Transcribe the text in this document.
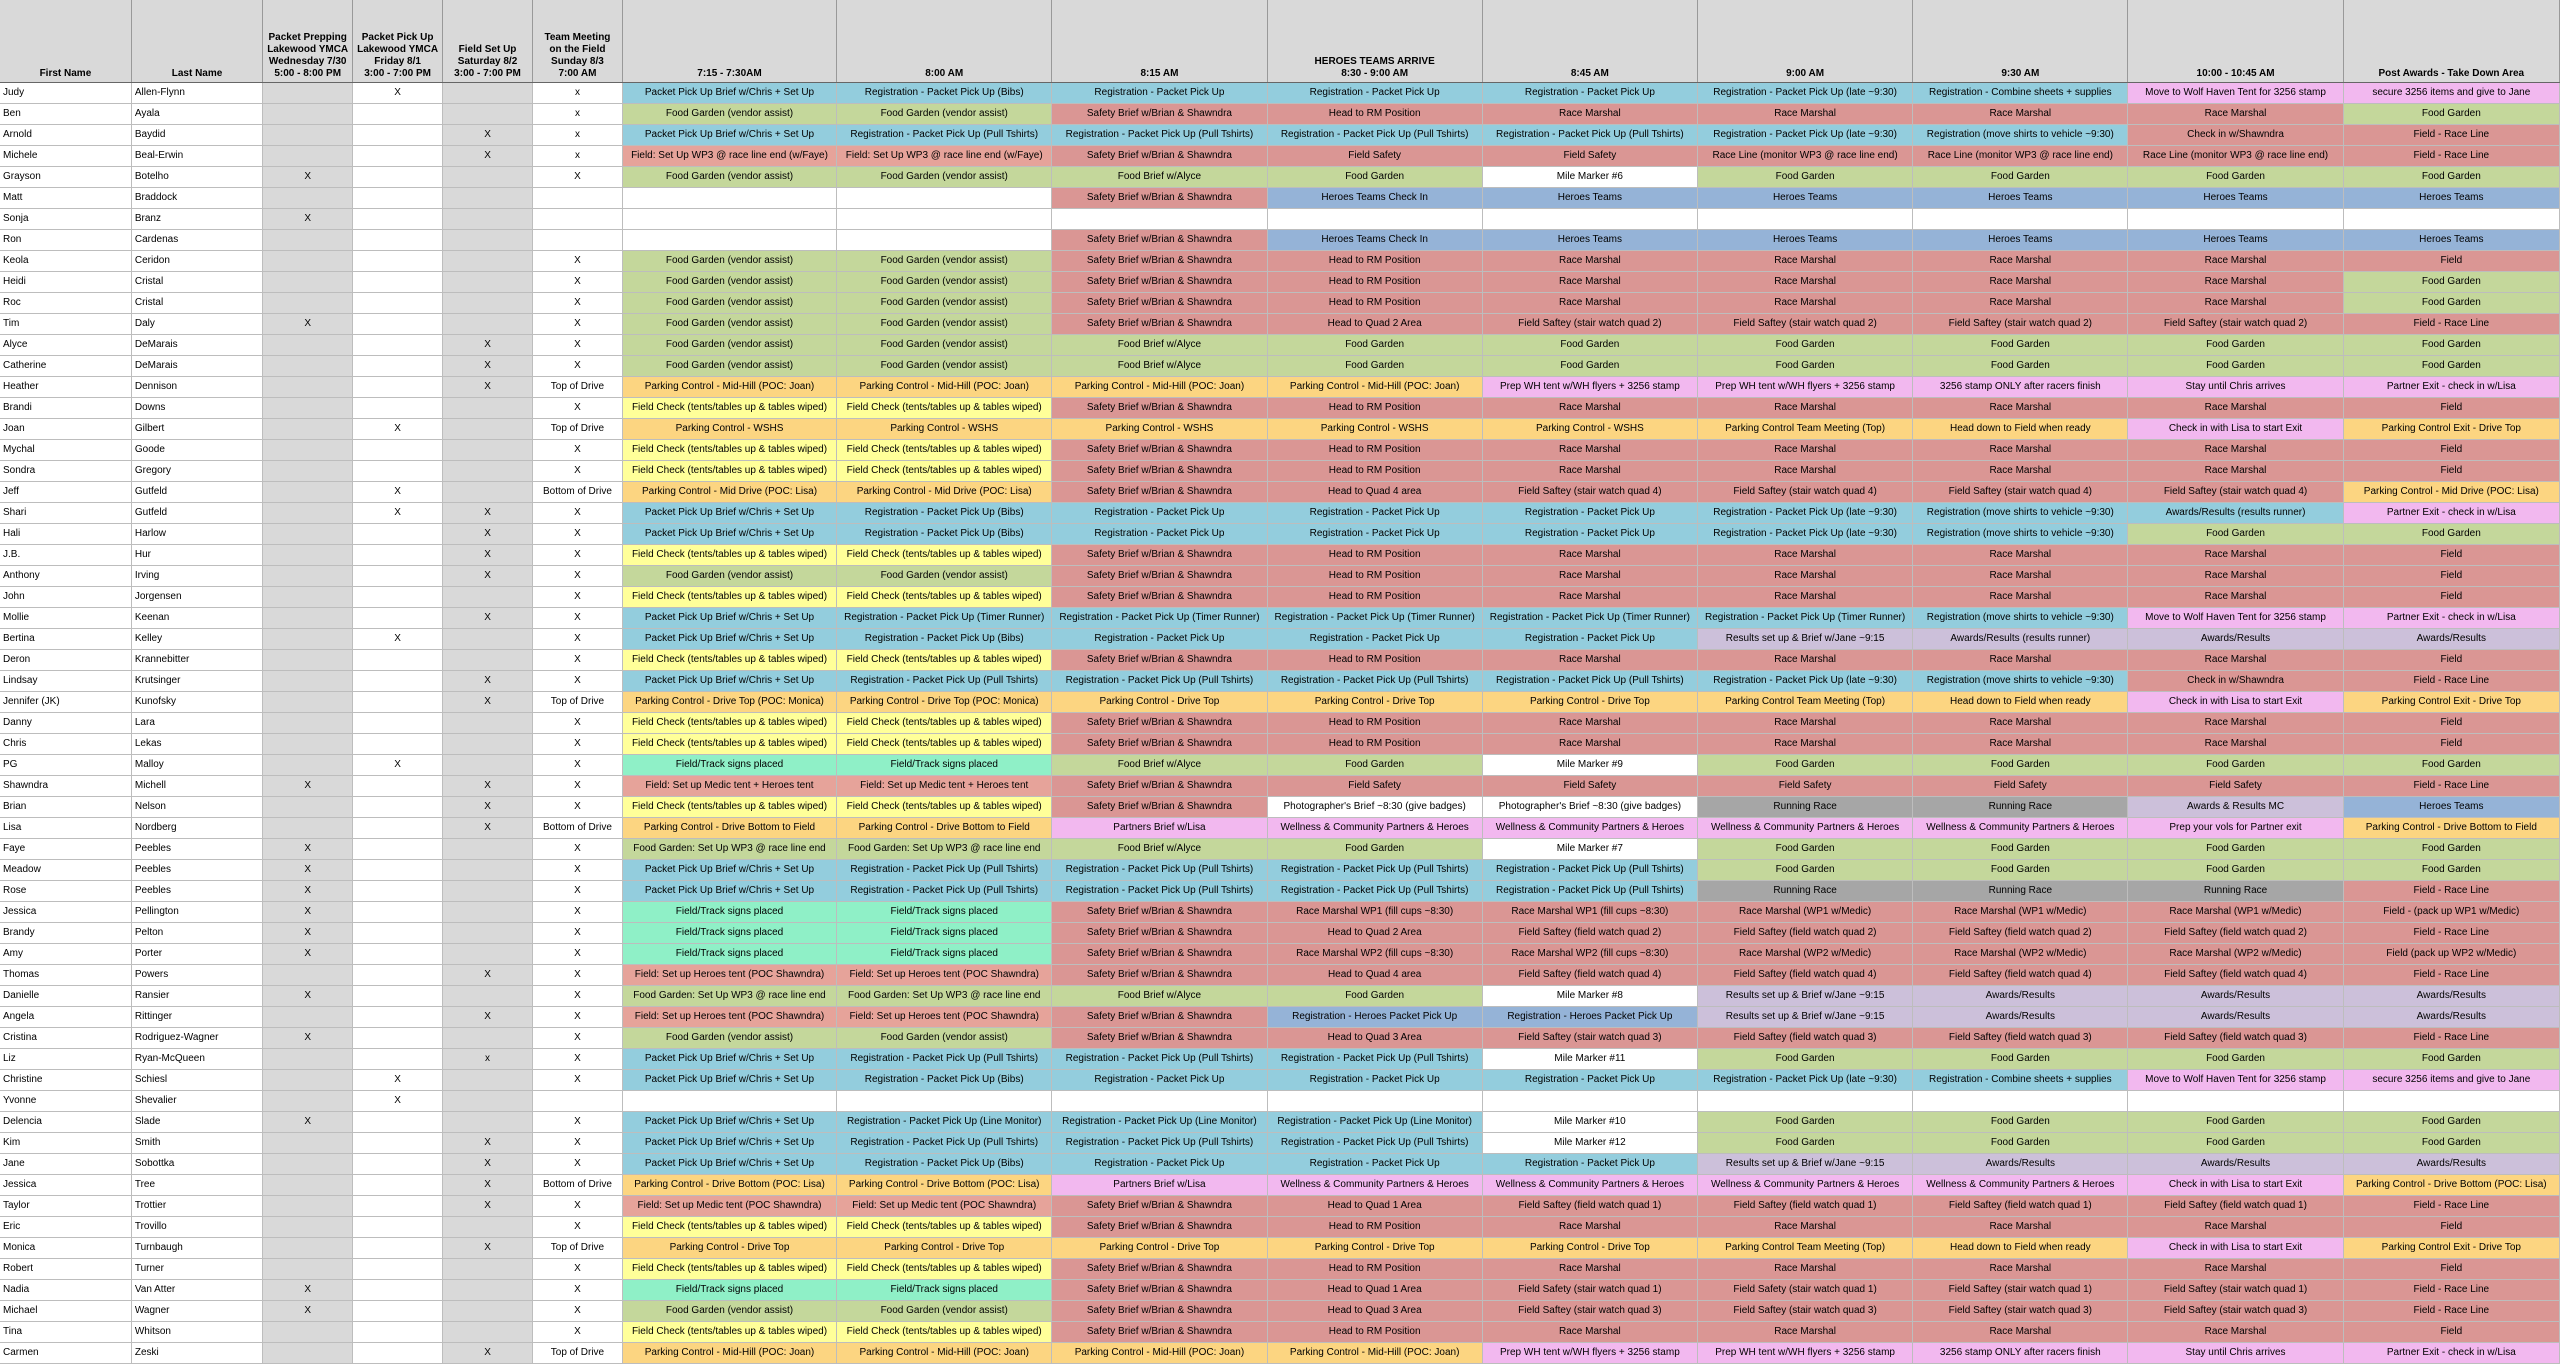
First Name	Last Name	Packet Prepping
Lakewood YMCA
Wednesday 7/30
5:00 - 8:00 PM	Packet Pick Up
Lakewood YMCA
Friday 8/1
3:00 - 7:00 PM	Field Set Up
Saturday 8/2
3:00 - 7:00 PM	Team Meeting
on the Field
Sunday 8/3
7:00 AM	7:15 - 7:30AM	8:00 AM	8:15 AM	HEROES TEAMS ARRIVE
8:30 - 9:00 AM	8:45 AM	9:00 AM	9:30 AM	10:00 - 10:45 AM	Post Awards - Take Down Area

Judy	Allen-Flynn		X		x	Packet Pick Up Brief w/Chris + Set Up	Registration - Packet Pick Up (Bibs)	Registration - Packet Pick Up	Registration - Packet Pick Up	Registration - Packet Pick Up	Registration - Packet Pick Up (late ~9:30)	Registration - Combine sheets + supplies	Move to Wolf Haven Tent for 3256 stamp	secure 3256 items and give to Jane
Ben	Ayala				x	Food Garden (vendor assist)	Food Garden (vendor assist)	Safety Brief w/Brian & Shawndra	Head to RM Position	Race Marshal	Race Marshal	Race Marshal	Race Marshal	Food Garden
Arnold	Baydid			X	x	Packet Pick Up Brief w/Chris + Set Up	Registration - Packet Pick Up (Pull Tshirts)	Registration - Packet Pick Up (Pull Tshirts)	Registration - Packet Pick Up (Pull Tshirts)	Registration - Packet Pick Up (Pull Tshirts)	Registration - Packet Pick Up (late ~9:30)	Registration (move shirts to vehicle ~9:30)	Check in w/Shawndra	Field - Race Line
Michele	Beal-Erwin			X	x	Field: Set Up WP3 @ race line end (w/Faye)	Field: Set Up WP3 @ race line end (w/Faye)	Safety Brief w/Brian & Shawndra	Field Safety	Field Safety	Race Line (monitor WP3 @ race line end)	Race Line (monitor WP3 @ race line end)	Race Line (monitor WP3 @ race line end)	Field - Race Line
Grayson	Botelho	X			X	Food Garden (vendor assist)	Food Garden (vendor assist)	Food Brief w/Alyce	Food Garden	Mile Marker #6	Food Garden	Food Garden	Food Garden	Food Garden
Matt	Braddock							Safety Brief w/Brian & Shawndra	Heroes Teams Check In	Heroes Teams	Heroes Teams	Heroes Teams	Heroes Teams	Heroes Teams
Sonja	Branz	X												
Ron	Cardenas							Safety Brief w/Brian & Shawndra	Heroes Teams Check In	Heroes Teams	Heroes Teams	Heroes Teams	Heroes Teams	Heroes Teams
Keola	Ceridon				X	Food Garden (vendor assist)	Food Garden (vendor assist)	Safety Brief w/Brian & Shawndra	Head to RM Position	Race Marshal	Race Marshal	Race Marshal	Race Marshal	Field
Heidi	Cristal				X	Food Garden (vendor assist)	Food Garden (vendor assist)	Safety Brief w/Brian & Shawndra	Head to RM Position	Race Marshal	Race Marshal	Race Marshal	Race Marshal	Food Garden
Roc	Cristal				X	Food Garden (vendor assist)	Food Garden (vendor assist)	Safety Brief w/Brian & Shawndra	Head to RM Position	Race Marshal	Race Marshal	Race Marshal	Race Marshal	Food Garden
Tim	Daly	X			X	Food Garden (vendor assist)	Food Garden (vendor assist)	Safety Brief w/Brian & Shawndra	Head to Quad 2 Area	Field Saftey (stair watch quad 2)	Field Saftey (stair watch quad 2)	Field Saftey (stair watch quad 2)	Field Saftey (stair watch quad 2)	Field - Race Line
Alyce	DeMarais			X	X	Food Garden (vendor assist)	Food Garden (vendor assist)	Food Brief w/Alyce	Food Garden	Food Garden	Food Garden	Food Garden	Food Garden	Food Garden
Catherine	DeMarais			X	X	Food Garden (vendor assist)	Food Garden (vendor assist)	Food Brief w/Alyce	Food Garden	Food Garden	Food Garden	Food Garden	Food Garden	Food Garden
Heather	Dennison			X	Top of Drive	Parking Control - Mid-Hill (POC: Joan)	Parking Control - Mid-Hill (POC: Joan)	Parking Control - Mid-Hill (POC: Joan)	Parking Control - Mid-Hill (POC: Joan)	Prep WH tent w/WH flyers + 3256 stamp	Prep WH tent w/WH flyers + 3256 stamp	3256 stamp ONLY after racers finish	Stay until Chris arrives	Partner Exit - check in w/Lisa
Brandi	Downs				X	Field Check (tents/tables up & tables wiped)	Field Check (tents/tables up & tables wiped)	Safety Brief w/Brian & Shawndra	Head to RM Position	Race Marshal	Race Marshal	Race Marshal	Race Marshal	Field
Joan	Gilbert		X		Top of Drive	Parking Control - WSHS	Parking Control - WSHS	Parking Control - WSHS	Parking Control - WSHS	Parking Control - WSHS	Parking Control Team Meeting (Top)	Head down to Field when ready	Check in with Lisa to start Exit	Parking Control Exit - Drive Top
Mychal	Goode				X	Field Check (tents/tables up & tables wiped)	Field Check (tents/tables up & tables wiped)	Safety Brief w/Brian & Shawndra	Head to RM Position	Race Marshal	Race Marshal	Race Marshal	Race Marshal	Field
Sondra	Gregory				X	Field Check (tents/tables up & tables wiped)	Field Check (tents/tables up & tables wiped)	Safety Brief w/Brian & Shawndra	Head to RM Position	Race Marshal	Race Marshal	Race Marshal	Race Marshal	Field
Jeff	Gutfeld		X		Bottom of Drive	Parking Control - Mid Drive (POC: Lisa)	Parking Control - Mid Drive (POC: Lisa)	Safety Brief w/Brian & Shawndra	Head to Quad 4 area	Field Saftey (stair watch quad 4)	Field Saftey (stair watch quad 4)	Field Saftey (stair watch quad 4)	Field Saftey (stair watch quad 4)	Parking Control - Mid Drive (POC: Lisa)
Shari	Gutfeld		X	X	X	Packet Pick Up Brief w/Chris + Set Up	Registration - Packet Pick Up (Bibs)	Registration - Packet Pick Up	Registration - Packet Pick Up	Registration - Packet Pick Up	Registration - Packet Pick Up (late ~9:30)	Registration (move shirts to vehicle ~9:30)	Awards/Results (results runner)	Partner Exit - check in w/Lisa
Hali	Harlow			X	X	Packet Pick Up Brief w/Chris + Set Up	Registration - Packet Pick Up (Bibs)	Registration - Packet Pick Up	Registration - Packet Pick Up	Registration - Packet Pick Up	Registration - Packet Pick Up (late ~9:30)	Registration (move shirts to vehicle ~9:30)	Food Garden	Food Garden
J.B.	Hur			X	X	Field Check (tents/tables up & tables wiped)	Field Check (tents/tables up & tables wiped)	Safety Brief w/Brian & Shawndra	Head to RM Position	Race Marshal	Race Marshal	Race Marshal	Race Marshal	Field
Anthony	Irving			X	X	Food Garden (vendor assist)	Food Garden (vendor assist)	Safety Brief w/Brian & Shawndra	Head to RM Position	Race Marshal	Race Marshal	Race Marshal	Race Marshal	Field
John	Jorgensen				X	Field Check (tents/tables up & tables wiped)	Field Check (tents/tables up & tables wiped)	Safety Brief w/Brian & Shawndra	Head to RM Position	Race Marshal	Race Marshal	Race Marshal	Race Marshal	Field
Mollie	Keenan			X	X	Packet Pick Up Brief w/Chris + Set Up	Registration - Packet Pick Up (Timer Runner)	Registration - Packet Pick Up (Timer Runner)	Registration - Packet Pick Up (Timer Runner)	Registration - Packet Pick Up (Timer Runner)	Registration - Packet Pick Up (Timer Runner)	Registration (move shirts to vehicle ~9:30)	Move to Wolf Haven Tent for 3256 stamp	Partner Exit - check in w/Lisa
Bertina	Kelley		X		X	Packet Pick Up Brief w/Chris + Set Up	Registration - Packet Pick Up (Bibs)	Registration - Packet Pick Up	Registration - Packet Pick Up	Registration - Packet Pick Up	Results set up & Brief w/Jane ~9:15	Awards/Results (results runner)	Awards/Results	Awards/Results
Deron	Krannebitter				X	Field Check (tents/tables up & tables wiped)	Field Check (tents/tables up & tables wiped)	Safety Brief w/Brian & Shawndra	Head to RM Position	Race Marshal	Race Marshal	Race Marshal	Race Marshal	Field
Lindsay	Krutsinger			X	X	Packet Pick Up Brief w/Chris + Set Up	Registration - Packet Pick Up (Pull Tshirts)	Registration - Packet Pick Up (Pull Tshirts)	Registration - Packet Pick Up (Pull Tshirts)	Registration - Packet Pick Up (Pull Tshirts)	Registration - Packet Pick Up (late ~9:30)	Registration (move shirts to vehicle ~9:30)	Check in w/Shawndra	Field - Race Line
Jennifer (JK)	Kunofsky			X	Top of Drive	Parking Control - Drive Top (POC: Monica)	Parking Control - Drive Top (POC: Monica)	Parking Control - Drive Top	Parking Control - Drive Top	Parking Control - Drive Top	Parking Control Team Meeting (Top)	Head down to Field when ready	Check in with Lisa to start Exit	Parking Control Exit - Drive Top
Danny	Lara				X	Field Check (tents/tables up & tables wiped)	Field Check (tents/tables up & tables wiped)	Safety Brief w/Brian & Shawndra	Head to RM Position	Race Marshal	Race Marshal	Race Marshal	Race Marshal	Field
Chris	Lekas				X	Field Check (tents/tables up & tables wiped)	Field Check (tents/tables up & tables wiped)	Safety Brief w/Brian & Shawndra	Head to RM Position	Race Marshal	Race Marshal	Race Marshal	Race Marshal	Field
PG	Malloy		X		X	Field/Track signs placed	Field/Track signs placed	Food Brief w/Alyce	Food Garden	Mile Marker #9	Food Garden	Food Garden	Food Garden	Food Garden
Shawndra	Michell	X		X	X	Field: Set up Medic tent + Heroes tent	Field: Set up Medic tent + Heroes tent	Safety Brief w/Brian & Shawndra	Field Safety	Field Safety	Field Safety	Field Safety	Field Safety	Field - Race Line
Brian	Nelson			X	X	Field Check (tents/tables up & tables wiped)	Field Check (tents/tables up & tables wiped)	Safety Brief w/Brian & Shawndra	Photographer's Brief ~8:30 (give badges)	Photographer's Brief ~8:30 (give badges)	Running Race	Running Race	Awards & Results MC	Heroes Teams
Lisa	Nordberg			X	Bottom of Drive	Parking Control - Drive Bottom to Field	Parking Control - Drive Bottom to Field	Partners Brief w/Lisa	Wellness & Community Partners & Heroes	Wellness & Community Partners & Heroes	Wellness & Community Partners & Heroes	Wellness & Community Partners & Heroes	Prep your vols for Partner exit	Parking Control - Drive Bottom to Field
Faye	Peebles	X			X	Food Garden: Set Up WP3 @ race line end	Food Garden: Set Up WP3 @ race line end	Food Brief w/Alyce	Food Garden	Mile Marker #7	Food Garden	Food Garden	Food Garden	Food Garden
Meadow	Peebles	X			X	Packet Pick Up Brief w/Chris + Set Up	Registration - Packet Pick Up (Pull Tshirts)	Registration - Packet Pick Up (Pull Tshirts)	Registration - Packet Pick Up (Pull Tshirts)	Registration - Packet Pick Up (Pull Tshirts)	Food Garden	Food Garden	Food Garden	Food Garden
Rose	Peebles	X			X	Packet Pick Up Brief w/Chris + Set Up	Registration - Packet Pick Up (Pull Tshirts)	Registration - Packet Pick Up (Pull Tshirts)	Registration - Packet Pick Up (Pull Tshirts)	Registration - Packet Pick Up (Pull Tshirts)	Running Race	Running Race	Running Race	Field - Race Line
Jessica	Pellington	X			X	Field/Track signs placed	Field/Track signs placed	Safety Brief w/Brian & Shawndra	Race Marshal WP1 (fill cups ~8:30)	Race Marshal WP1 (fill cups ~8:30)	Race Marshal (WP1 w/Medic)	Race Marshal (WP1 w/Medic)	Race Marshal (WP1 w/Medic)	Field - (pack up WP1 w/Medic)
Brandy	Pelton	X			X	Field/Track signs placed	Field/Track signs placed	Safety Brief w/Brian & Shawndra	Head to Quad 2 Area	Field Saftey (field watch quad 2)	Field Saftey (field watch quad 2)	Field Saftey (field watch quad 2)	Field Saftey (field watch quad 2)	Field - Race Line
Amy	Porter	X			X	Field/Track signs placed	Field/Track signs placed	Safety Brief w/Brian & Shawndra	Race Marshal WP2 (fill cups ~8:30)	Race Marshal WP2 (fill cups ~8:30)	Race Marshal (WP2 w/Medic)	Race Marshal (WP2 w/Medic)	Race Marshal (WP2 w/Medic)	Field (pack up WP2 w/Medic)
Thomas	Powers			X	X	Field: Set up Heroes tent (POC Shawndra)	Field: Set up Heroes tent (POC Shawndra)	Safety Brief w/Brian & Shawndra	Head to Quad 4 area	Field Saftey (field watch quad 4)	Field Saftey (field watch quad 4)	Field Saftey (field watch quad 4)	Field Saftey (field watch quad 4)	Field - Race Line
Danielle	Ransier	X			X	Food Garden: Set Up WP3 @ race line end	Food Garden: Set Up WP3 @ race line end	Food Brief w/Alyce	Food Garden	Mile Marker #8	Results set up & Brief w/Jane ~9:15	Awards/Results	Awards/Results	Awards/Results
Angela	Rittinger			X	X	Field: Set up Heroes tent (POC Shawndra)	Field: Set up Heroes tent (POC Shawndra)	Safety Brief w/Brian & Shawndra	Registration - Heroes Packet Pick Up	Registration - Heroes Packet Pick Up	Results set up & Brief w/Jane ~9:15	Awards/Results	Awards/Results	Awards/Results
Cristina	Rodriguez-Wagner	X			X	Food Garden (vendor assist)	Food Garden (vendor assist)	Safety Brief w/Brian & Shawndra	Head to Quad 3 Area	Field Saftey (stair watch quad 3)	Field Saftey (field watch quad 3)	Field Saftey (field watch quad 3)	Field Saftey (field watch quad 3)	Field - Race Line
Liz	Ryan-McQueen			x	X	Packet Pick Up Brief w/Chris + Set Up	Registration - Packet Pick Up (Pull Tshirts)	Registration - Packet Pick Up (Pull Tshirts)	Registration - Packet Pick Up (Pull Tshirts)	Mile Marker #11	Food Garden	Food Garden	Food Garden	Food Garden
Christine	Schiesl		X		X	Packet Pick Up Brief w/Chris + Set Up	Registration - Packet Pick Up (Bibs)	Registration - Packet Pick Up	Registration - Packet Pick Up	Registration - Packet Pick Up	Registration - Packet Pick Up (late ~9:30)	Registration - Combine sheets + supplies	Move to Wolf Haven Tent for 3256 stamp	secure 3256 items and give to Jane
Yvonne	Shevalier		X											
Delencia	Slade	X			X	Packet Pick Up Brief w/Chris + Set Up	Registration - Packet Pick Up (Line Monitor)	Registration - Packet Pick Up (Line Monitor)	Registration - Packet Pick Up (Line Monitor)	Mile Marker #10	Food Garden	Food Garden	Food Garden	Food Garden
Kim	Smith			X	X	Packet Pick Up Brief w/Chris + Set Up	Registration - Packet Pick Up (Pull Tshirts)	Registration - Packet Pick Up (Pull Tshirts)	Registration - Packet Pick Up (Pull Tshirts)	Mile Marker #12	Food Garden	Food Garden	Food Garden	Food Garden
Jane	Sobottka			X	X	Packet Pick Up Brief w/Chris + Set Up	Registration - Packet Pick Up (Bibs)	Registration - Packet Pick Up	Registration - Packet Pick Up	Registration - Packet Pick Up	Results set up & Brief w/Jane ~9:15	Awards/Results	Awards/Results	Awards/Results
Jessica	Tree			X	Bottom of Drive	Parking Control - Drive Bottom (POC: Lisa)	Parking Control - Drive Bottom (POC: Lisa)	Partners Brief w/Lisa	Wellness & Community Partners & Heroes	Wellness & Community Partners & Heroes	Wellness & Community Partners & Heroes	Wellness & Community Partners & Heroes	Check in with Lisa to start Exit	Parking Control - Drive Bottom (POC: Lisa)
Taylor	Trottier			X	X	Field: Set up Medic tent (POC Shawndra)	Field: Set up Medic tent (POC Shawndra)	Safety Brief w/Brian & Shawndra	Head to Quad 1 Area	Field Saftey (field watch quad 1)	Field Saftey (field watch quad 1)	Field Saftey (field watch quad 1)	Field Saftey (field watch quad 1)	Field - Race Line
Eric	Trovillo				X	Field Check (tents/tables up & tables wiped)	Field Check (tents/tables up & tables wiped)	Safety Brief w/Brian & Shawndra	Head to RM Position	Race Marshal	Race Marshal	Race Marshal	Race Marshal	Field
Monica	Turnbaugh			X	Top of Drive	Parking Control - Drive Top	Parking Control - Drive Top	Parking Control - Drive Top	Parking Control - Drive Top	Parking Control - Drive Top	Parking Control Team Meeting (Top)	Head down to Field when ready	Check in with Lisa to start Exit	Parking Control Exit - Drive Top
Robert	Turner				X	Field Check (tents/tables up & tables wiped)	Field Check (tents/tables up & tables wiped)	Safety Brief w/Brian & Shawndra	Head to RM Position	Race Marshal	Race Marshal	Race Marshal	Race Marshal	Field
Nadia	Van Atter	X			X	Field/Track signs placed	Field/Track signs placed	Safety Brief w/Brian & Shawndra	Head to Quad 1 Area	Field Safety (stair watch quad 1)	Field Safety (stair watch quad 1)	Field Saftey (stair watch quad 1)	Field Saftey (stair watch quad 1)	Field - Race Line
Michael	Wagner	X			X	Food Garden (vendor assist)	Food Garden (vendor assist)	Safety Brief w/Brian & Shawndra	Head to Quad 3 Area	Field Saftey (stair watch quad 3)	Field Saftey (stair watch quad 3)	Field Saftey (stair watch quad 3)	Field Saftey (stair watch quad 3)	Field - Race Line
Tina	Whitson				X	Field Check (tents/tables up & tables wiped)	Field Check (tents/tables up & tables wiped)	Safety Brief w/Brian & Shawndra	Head to RM Position	Race Marshal	Race Marshal	Race Marshal	Race Marshal	Field
Carmen	Zeski			X	Top of Drive	Parking Control - Mid-Hill (POC: Joan)	Parking Control - Mid-Hill (POC: Joan)	Parking Control - Mid-Hill (POC: Joan)	Parking Control - Mid-Hill (POC: Joan)	Prep WH tent w/WH flyers + 3256 stamp	Prep WH tent w/WH flyers + 3256 stamp	3256 stamp ONLY after racers finish	Stay until Chris arrives	Partner Exit - check in w/Lisa
